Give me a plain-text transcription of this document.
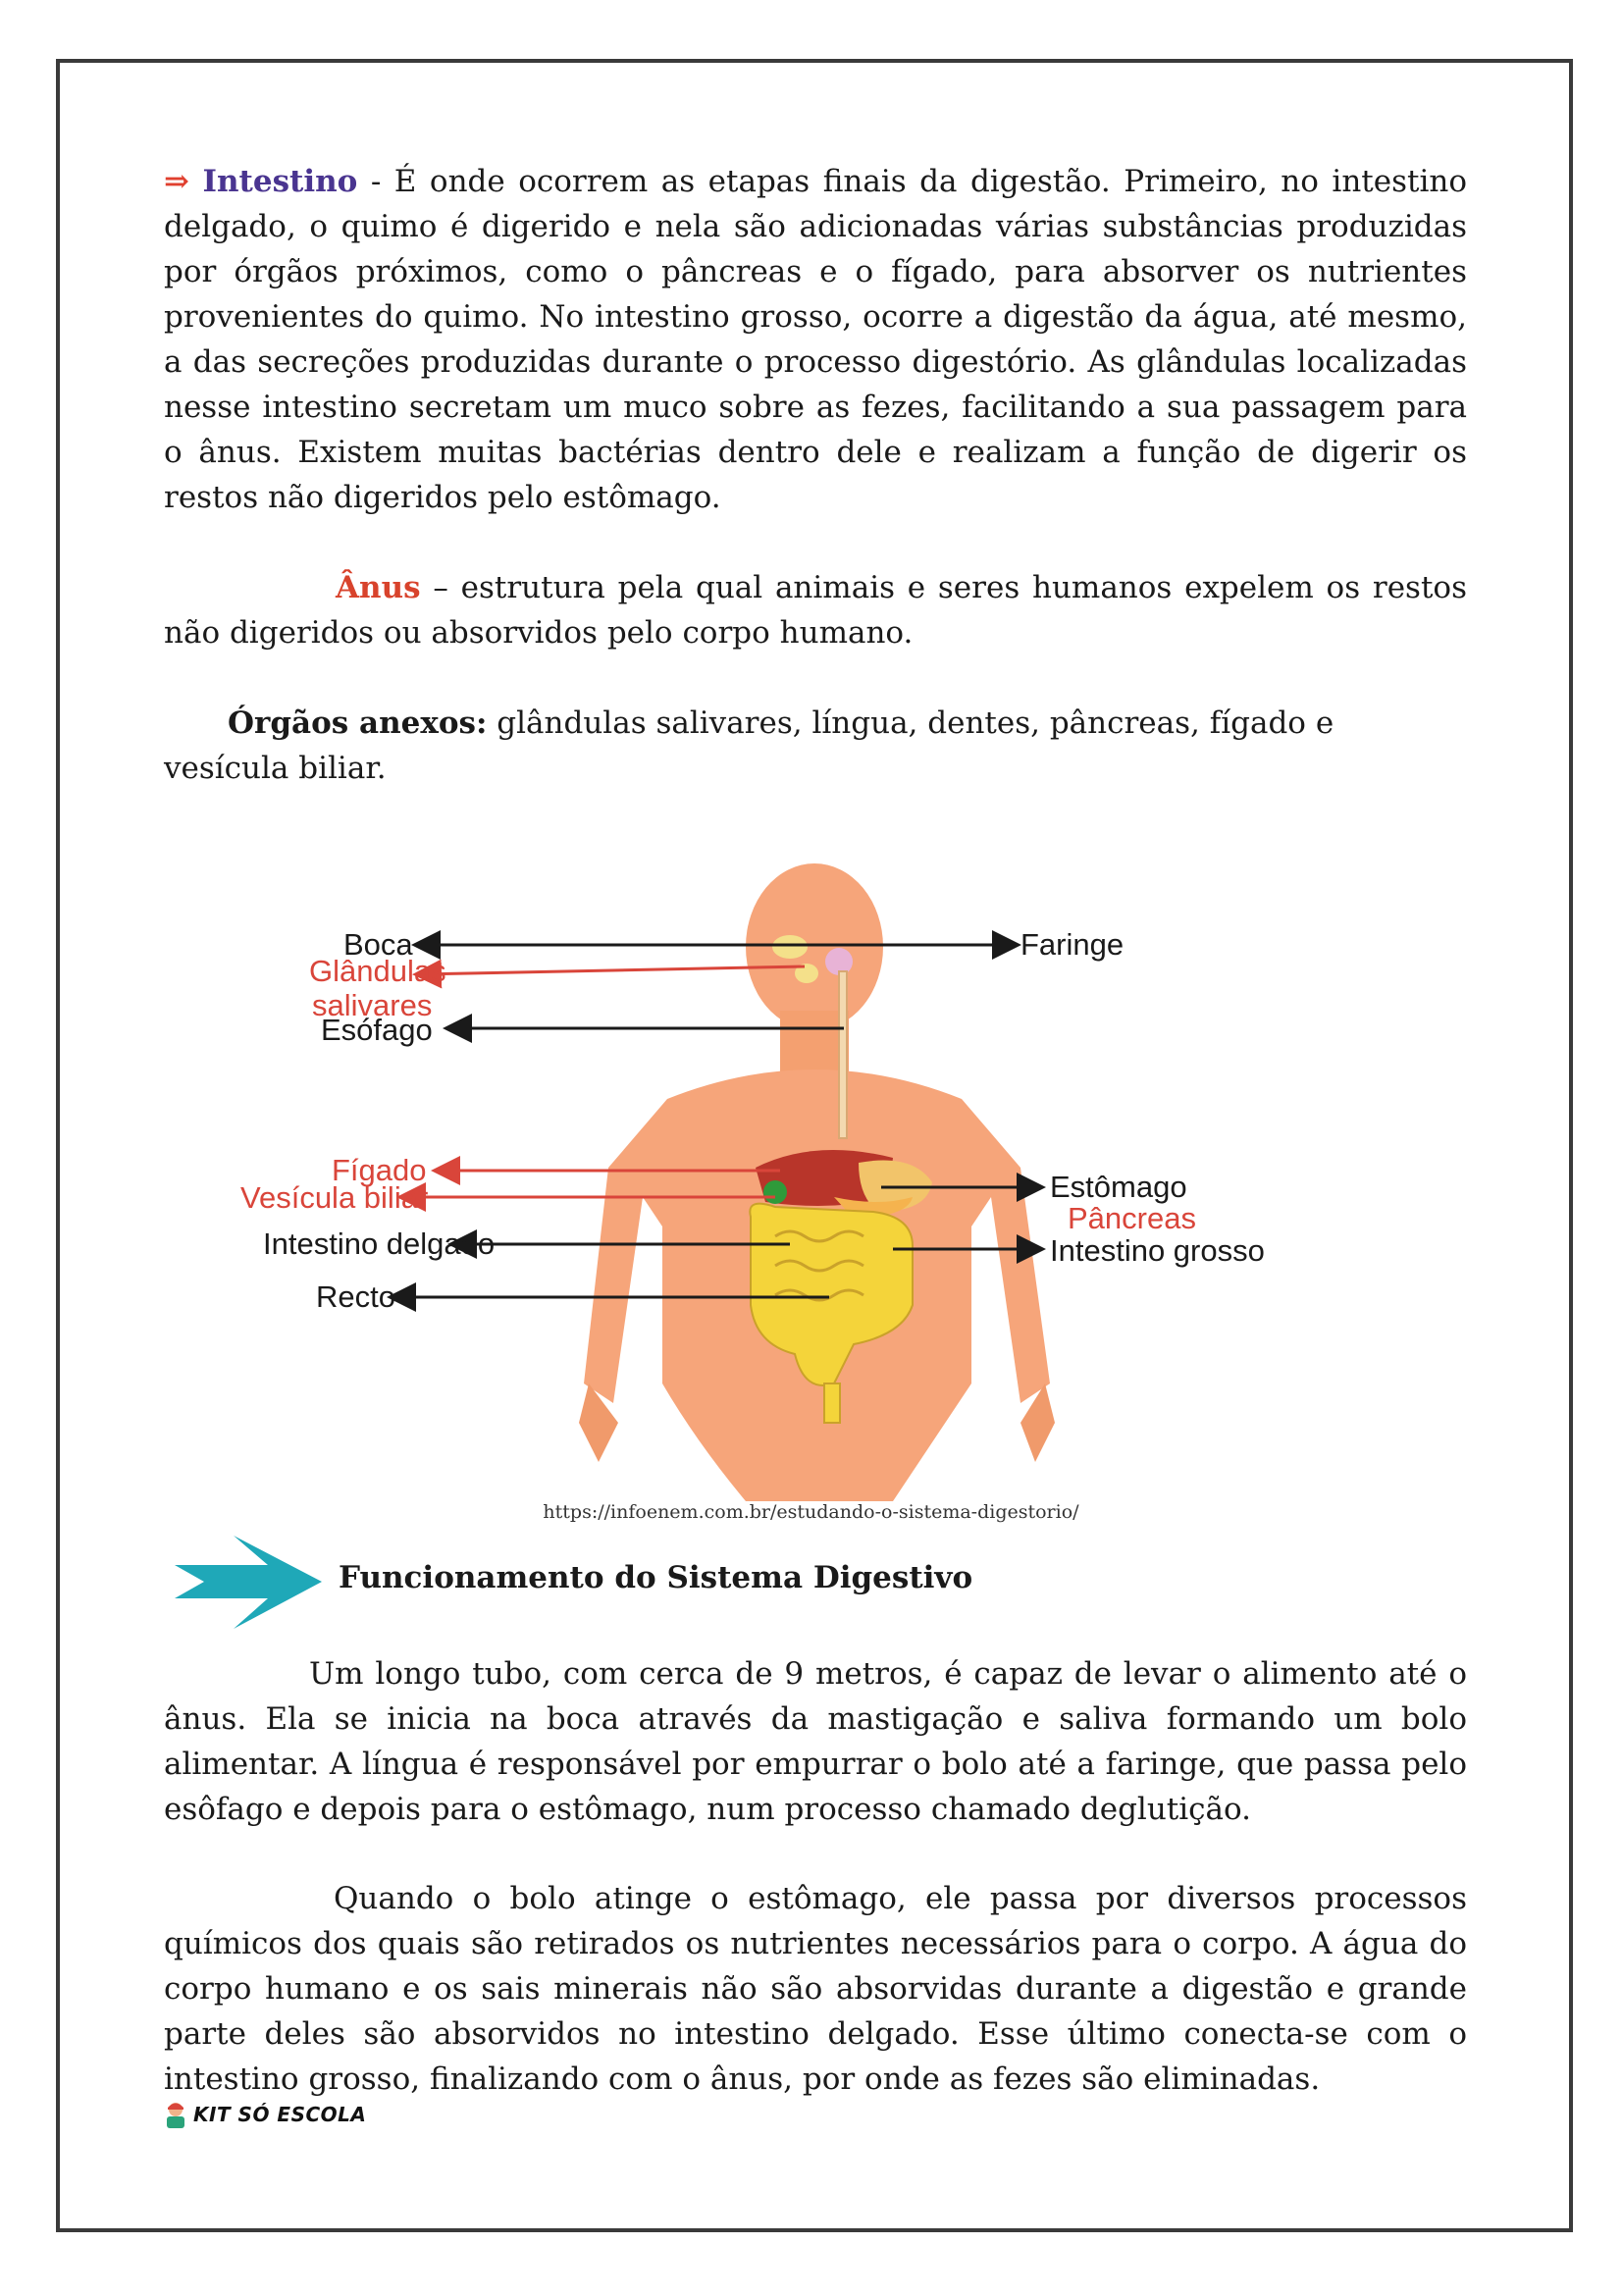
⇒ Intestino - É onde ocorrem as etapas finais da digestão. Primeiro, no intestino delgado, o quimo é digerido e nela são adicionadas várias substâncias produzidas por órgãos próximos, como o pâncreas e o fígado, para absorver os nutrientes provenientes do quimo. No intestino grosso, ocorre a digestão da água, até mesmo, a das secreções produzidas durante o processo digestório. As glândulas localizadas nesse intestino secretam um muco sobre as fezes, facilitando a sua passagem para o ânus. Existem muitas bactérias dentro dele e realizam a função de digerir os restos não digeridos pelo estômago.

Ânus – estrutura pela qual animais e seres humanos expelem os restos não digeridos ou absorvidos pelo corpo humano.

Órgãos anexos: glândulas salivares, língua, dentes, pâncreas, fígado e vesícula biliar.

Boca	Faringe
Glândulas
salivares
Esófago
Fígado
Vesícula biliar	Estômago
Pâncreas
Intestino delgado	Intestino grosso
Recto
https://infoenem.com.br/estudando-o-sistema-digestorio/
Funcionamento do Sistema Digestivo

Um longo tubo, com cerca de 9 metros, é capaz de levar o alimento até o ânus. Ela se inicia na boca através da mastigação e saliva formando um bolo alimentar. A língua é responsável por empurrar o bolo até a faringe, que passa pelo esôfago e depois para o estômago, num processo chamado deglutição.

Quando o bolo atinge o estômago, ele passa por diversos processos químicos dos quais são retirados os nutrientes necessários para o corpo. A água do corpo humano e os sais minerais não são absorvidas durante a digestão e grande parte deles são absorvidos no intestino delgado. Esse último conecta-se com o intestino grosso, finalizando com o ânus, por onde as fezes são eliminadas.

KIT SÓ ESCOLA
